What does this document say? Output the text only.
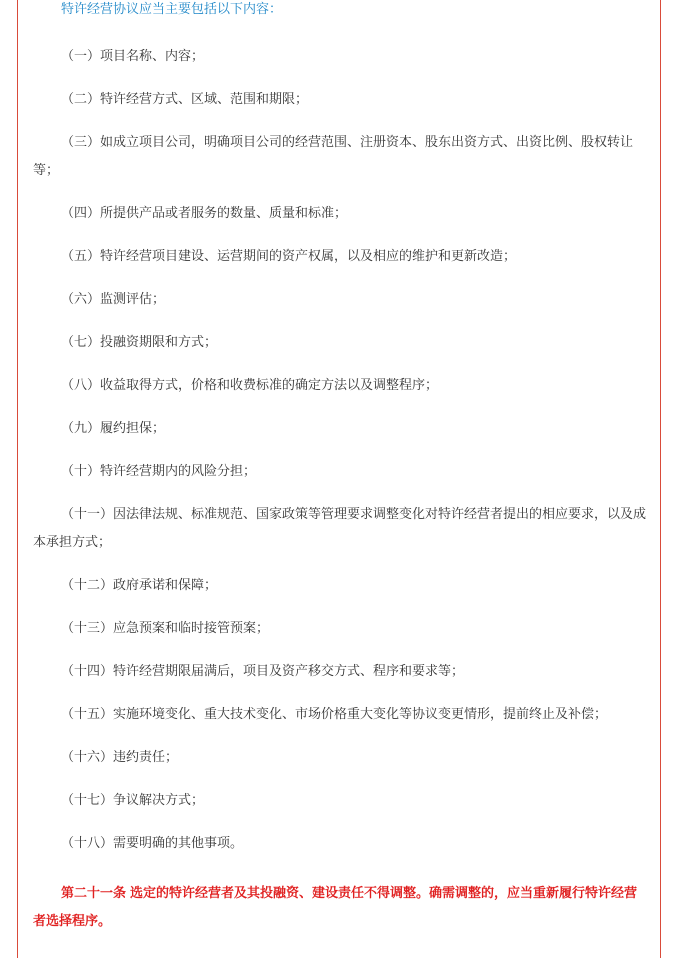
特许经营协议应当主要包括以下内容：

（一）项目名称、内容；

（二）特许经营方式、区域、范围和期限；

（三）如成立项目公司，明确项目公司的经营范围、注册资本、股东出资方式、出资比例、股权转让等；

（四）所提供产品或者服务的数量、质量和标准；

（五）特许经营项目建设、运营期间的资产权属，以及相应的维护和更新改造；

（六）监测评估；

（七）投融资期限和方式；

（八）收益取得方式，价格和收费标准的确定方法以及调整程序；

（九）履约担保；

（十）特许经营期内的风险分担；

（十一）因法律法规、标准规范、国家政策等管理要求调整变化对特许经营者提出的相应要求，以及成本承担方式；

（十二）政府承诺和保障；

（十三）应急预案和临时接管预案；

（十四）特许经营期限届满后，项目及资产移交方式、程序和要求等；

（十五）实施环境变化、重大技术变化、市场价格重大变化等协议变更情形，提前终止及补偿；

（十六）违约责任；

（十七）争议解决方式；

（十八）需要明确的其他事项。

第二十一条 选定的特许经营者及其投融资、建设责任不得调整。确需调整的，应当重新履行特许经营者选择程序。
